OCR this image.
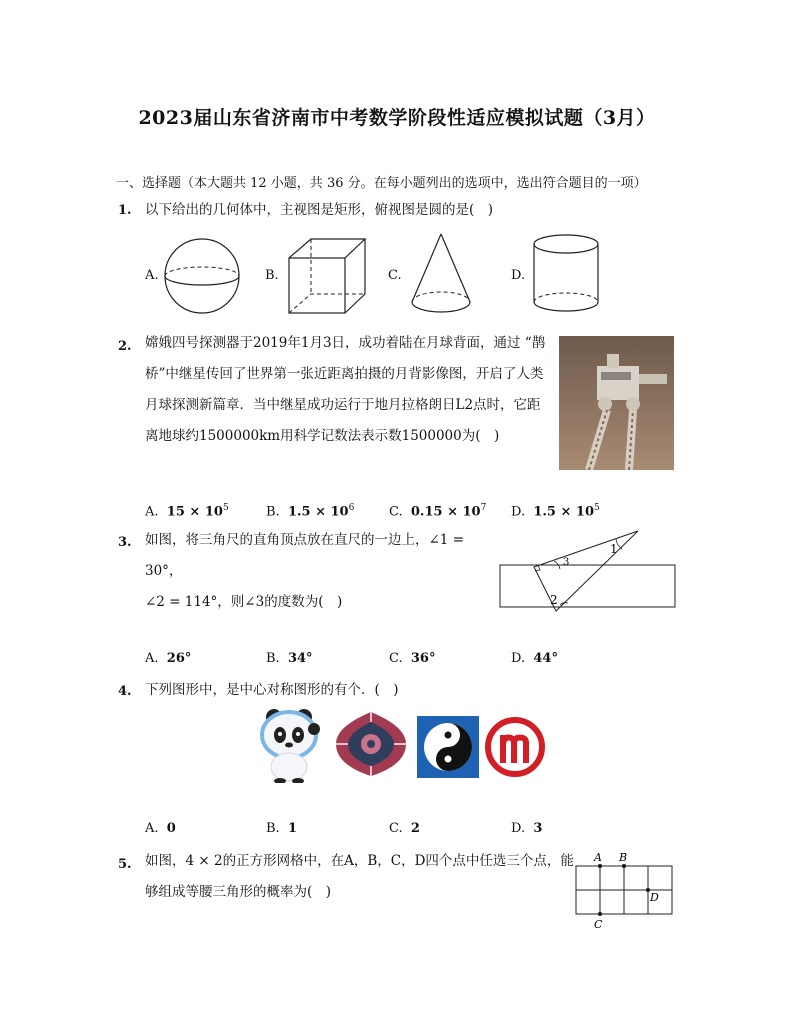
2023届山东省济南市中考数学阶段性适应模拟试题（3月）
一、选择题（本大题共 12 小题，共 36 分。在每小题列出的选项中，选出符合题目的一项）
1. 以下给出的几何体中，主视图是矩形，俯视图是圆的是(　)
A.	B.	C.	D.
2. 嫦娥四号探测器于2019年1月3日，成功着陆在月球背面，通过 “鹊
桥”中继星传回了世界第一张近距离拍摄的月背影像图，开启了人类
月球探测新篇章．当中继星成功运行于地月拉格朗日L2点时，它距
离地球约1500000km用科学记数法表示数1500000为(　)
A. $15 \times 10^5$	B. $1.5 \times 10^6$	C. $0.15 \times 10^7$ D. $1.5 \times 10^5$
3. 如图，将三角尺的直角顶点放在直尺的一边上，∠1 = 30°，
∠2 = 114°，则∠3的度数为(　)
1
2
3
A. 26°	B. 34°	C. 36°	D. 44°
4. 下列图形中，是中心对称图形的有个．(　)
A. 0	B. 1	C. 2	D. 3
5. 如图，4 × 2的正方形网格中，在A，B，C，D四个点中任选三个点，能
够组成等腰三角形的概率为(　)
A B
C
D
